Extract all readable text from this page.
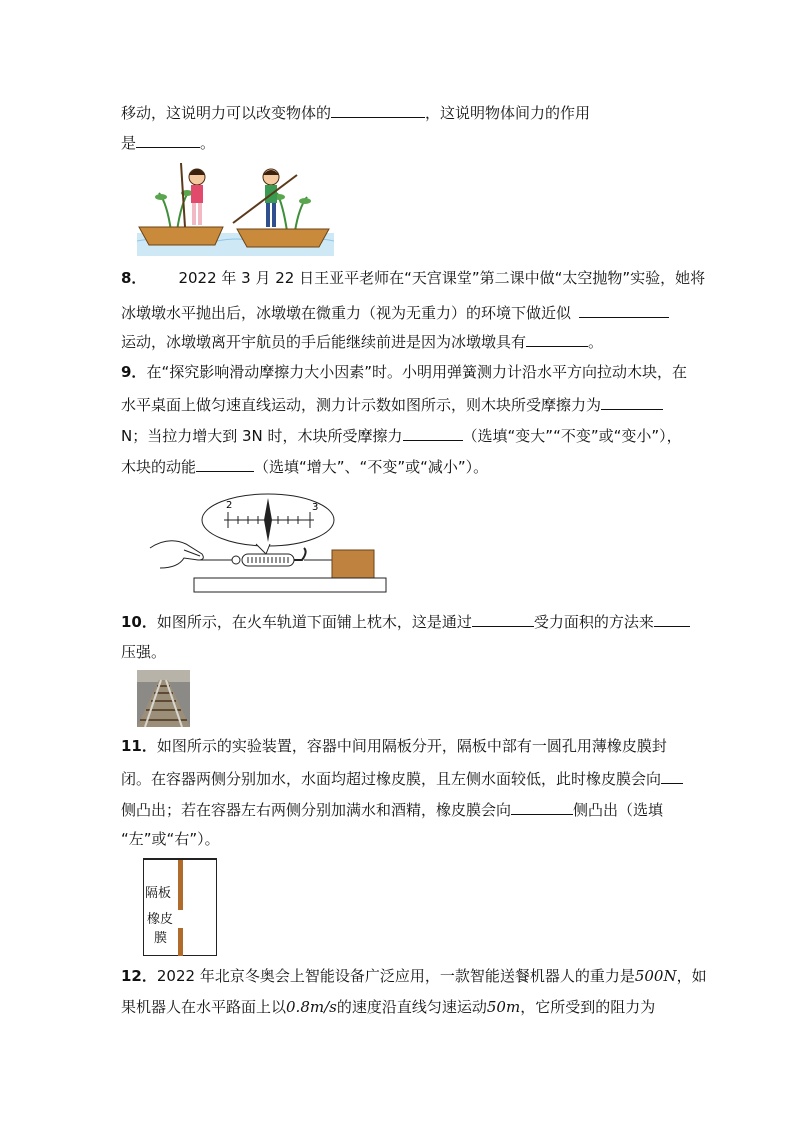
移动，这说明力可以改变物体的	，这说明物体间力的作用
是	。
8． 2022 年 3 月 22 日王亚平老师在“天宫课堂”第二课中做“太空抛物”实验，她将
冰墩墩水平抛出后，冰墩墩在微重力（视为无重力）的环境下做近似
运动，冰墩墩离开宇航员的手后能继续前进是因为冰墩墩具有	。
9．在“探究影响滑动摩擦力大小因素”时。小明用弹簧测力计沿水平方向拉动木块，在
水平桌面上做匀速直线运动，测力计示数如图所示，则木块所受摩擦力为
N；当拉力增大到 3N 时，木块所受摩擦力	（选填“变大”“不变”或“变小”），
木块的动能	（选填“增大”、“不变”或“减小”）。
2	3
10．如图所示，在火车轨道下面铺上枕木，这是通过	受力面积的方法来
压强。
11．如图所示的实验装置，容器中间用隔板分开，隔板中部有一圆孔用薄橡皮膜封
闭。在容器两侧分别加水，水面均超过橡皮膜，且左侧水面较低，此时橡皮膜会向
侧凸出；若在容器左右两侧分别加满水和酒精，橡皮膜会向	侧凸出（选填
“左”或“右”）。
隔板
橡皮
膜
12．2022 年北京冬奥会上智能设备广泛应用，一款智能送餐机器人的重力是500N，如
果机器人在水平路面上以0.8m/s的速度沿直线匀速运动50m，它所受到的阻力为
